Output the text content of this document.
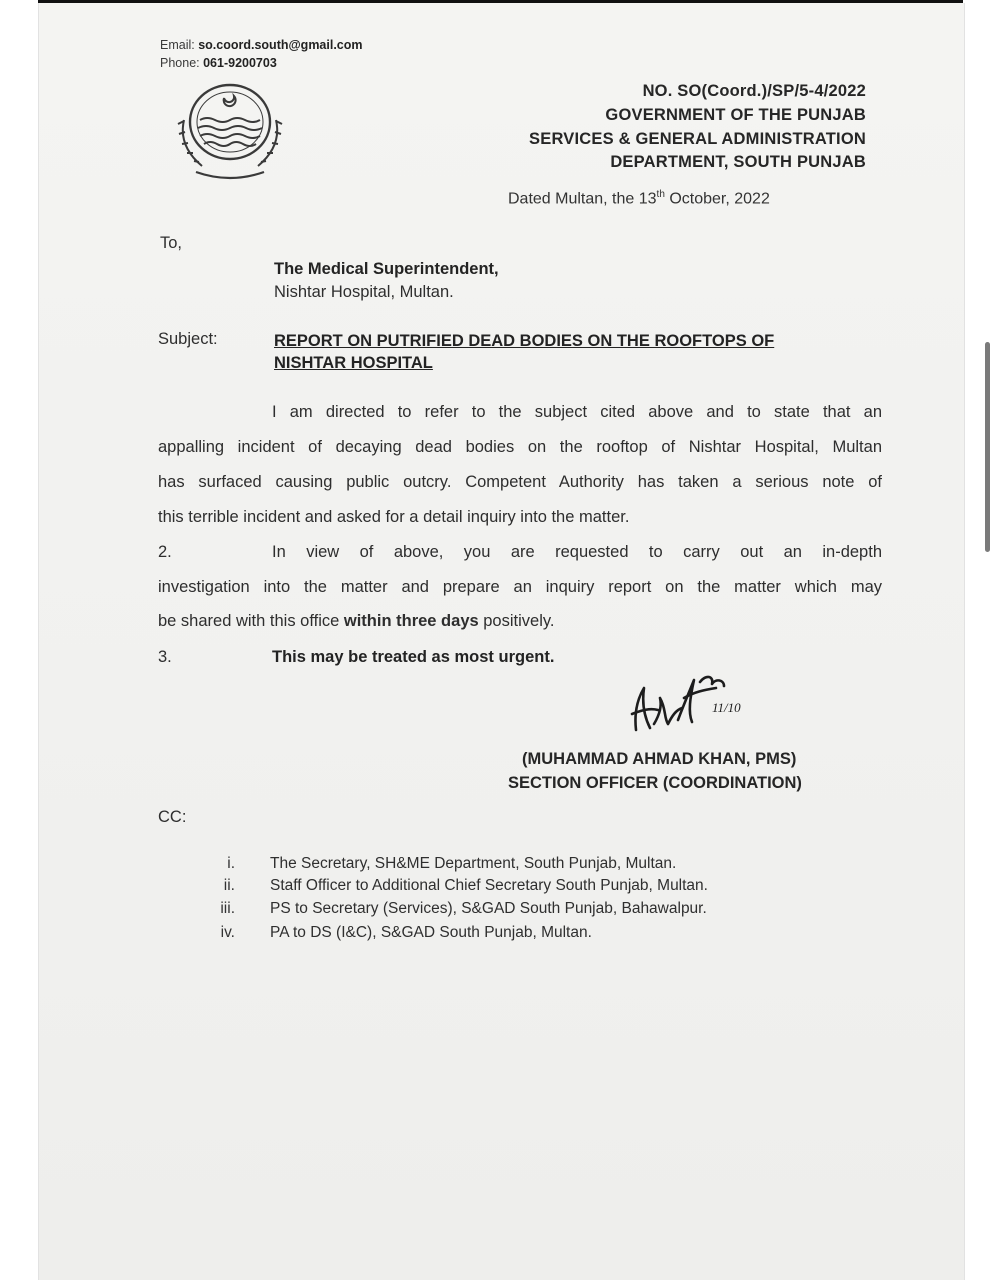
Email: so.coord.south@gmail.com
Phone: 061-9200703
NO. SO(Coord.)/SP/5-4/2022
GOVERNMENT OF THE PUNJAB
SERVICES & GENERAL ADMINISTRATION
DEPARTMENT, SOUTH PUNJAB
Dated Multan, the 13th October, 2022
To,
The Medical Superintendent,
Nishtar Hospital, Multan.
Subject:	REPORT ON PUTRIFIED DEAD BODIES ON THE ROOFTOPS OF
NISHTAR HOSPITAL
I am directed to refer to the subject cited above and to state that an
appalling incident of decaying dead bodies on the rooftop of Nishtar Hospital, Multan
has surfaced causing public outcry. Competent Authority has taken a serious note of
this terrible incident and asked for a detail inquiry into the matter.
2.	In view of above, you are requested to carry out an in-depth
investigation into the matter and prepare an inquiry report on the matter which may
be shared with this office within three days positively.
3.	This may be treated as most urgent.
11/10
(MUHAMMAD AHMAD KHAN, PMS)
SECTION OFFICER (COORDINATION)
CC:
i. The Secretary, SH&ME Department, South Punjab, Multan.
ii. Staff Officer to Additional Chief Secretary South Punjab, Multan.
iii. PS to Secretary (Services), S&GAD South Punjab, Bahawalpur.
iv. PA to DS (I&C), S&GAD South Punjab, Multan.
